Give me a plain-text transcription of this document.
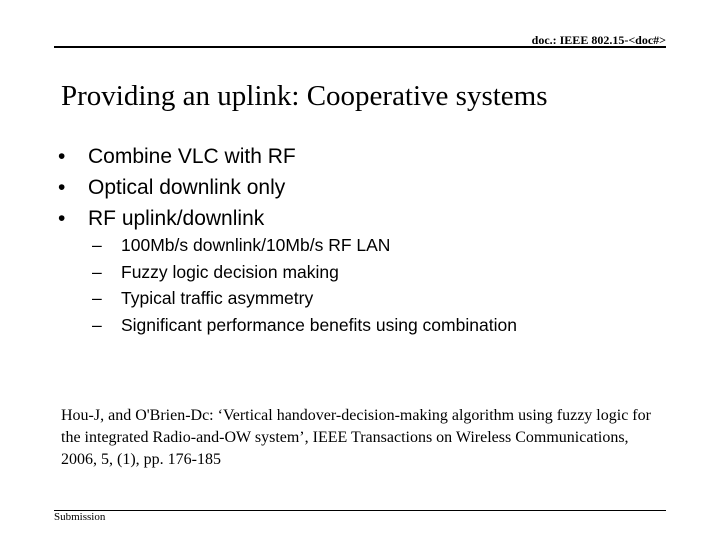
doc.: IEEE 802.15-<doc#>
Providing an uplink: Cooperative systems
• Combine VLC with RF
• Optical downlink only
• RF uplink/downlink
– 100Mb/s downlink/10Mb/s RF LAN
– Fuzzy logic decision making
– Typical traffic asymmetry
– Significant performance benefits using combination

Hou-J, and O'Brien-Dc: ‘Vertical handover-decision-making algorithm using fuzzy logic for the integrated Radio-and-OW system’, IEEE Transactions on Wireless Communications, 2006, 5, (1), pp. 176-185

Submission
